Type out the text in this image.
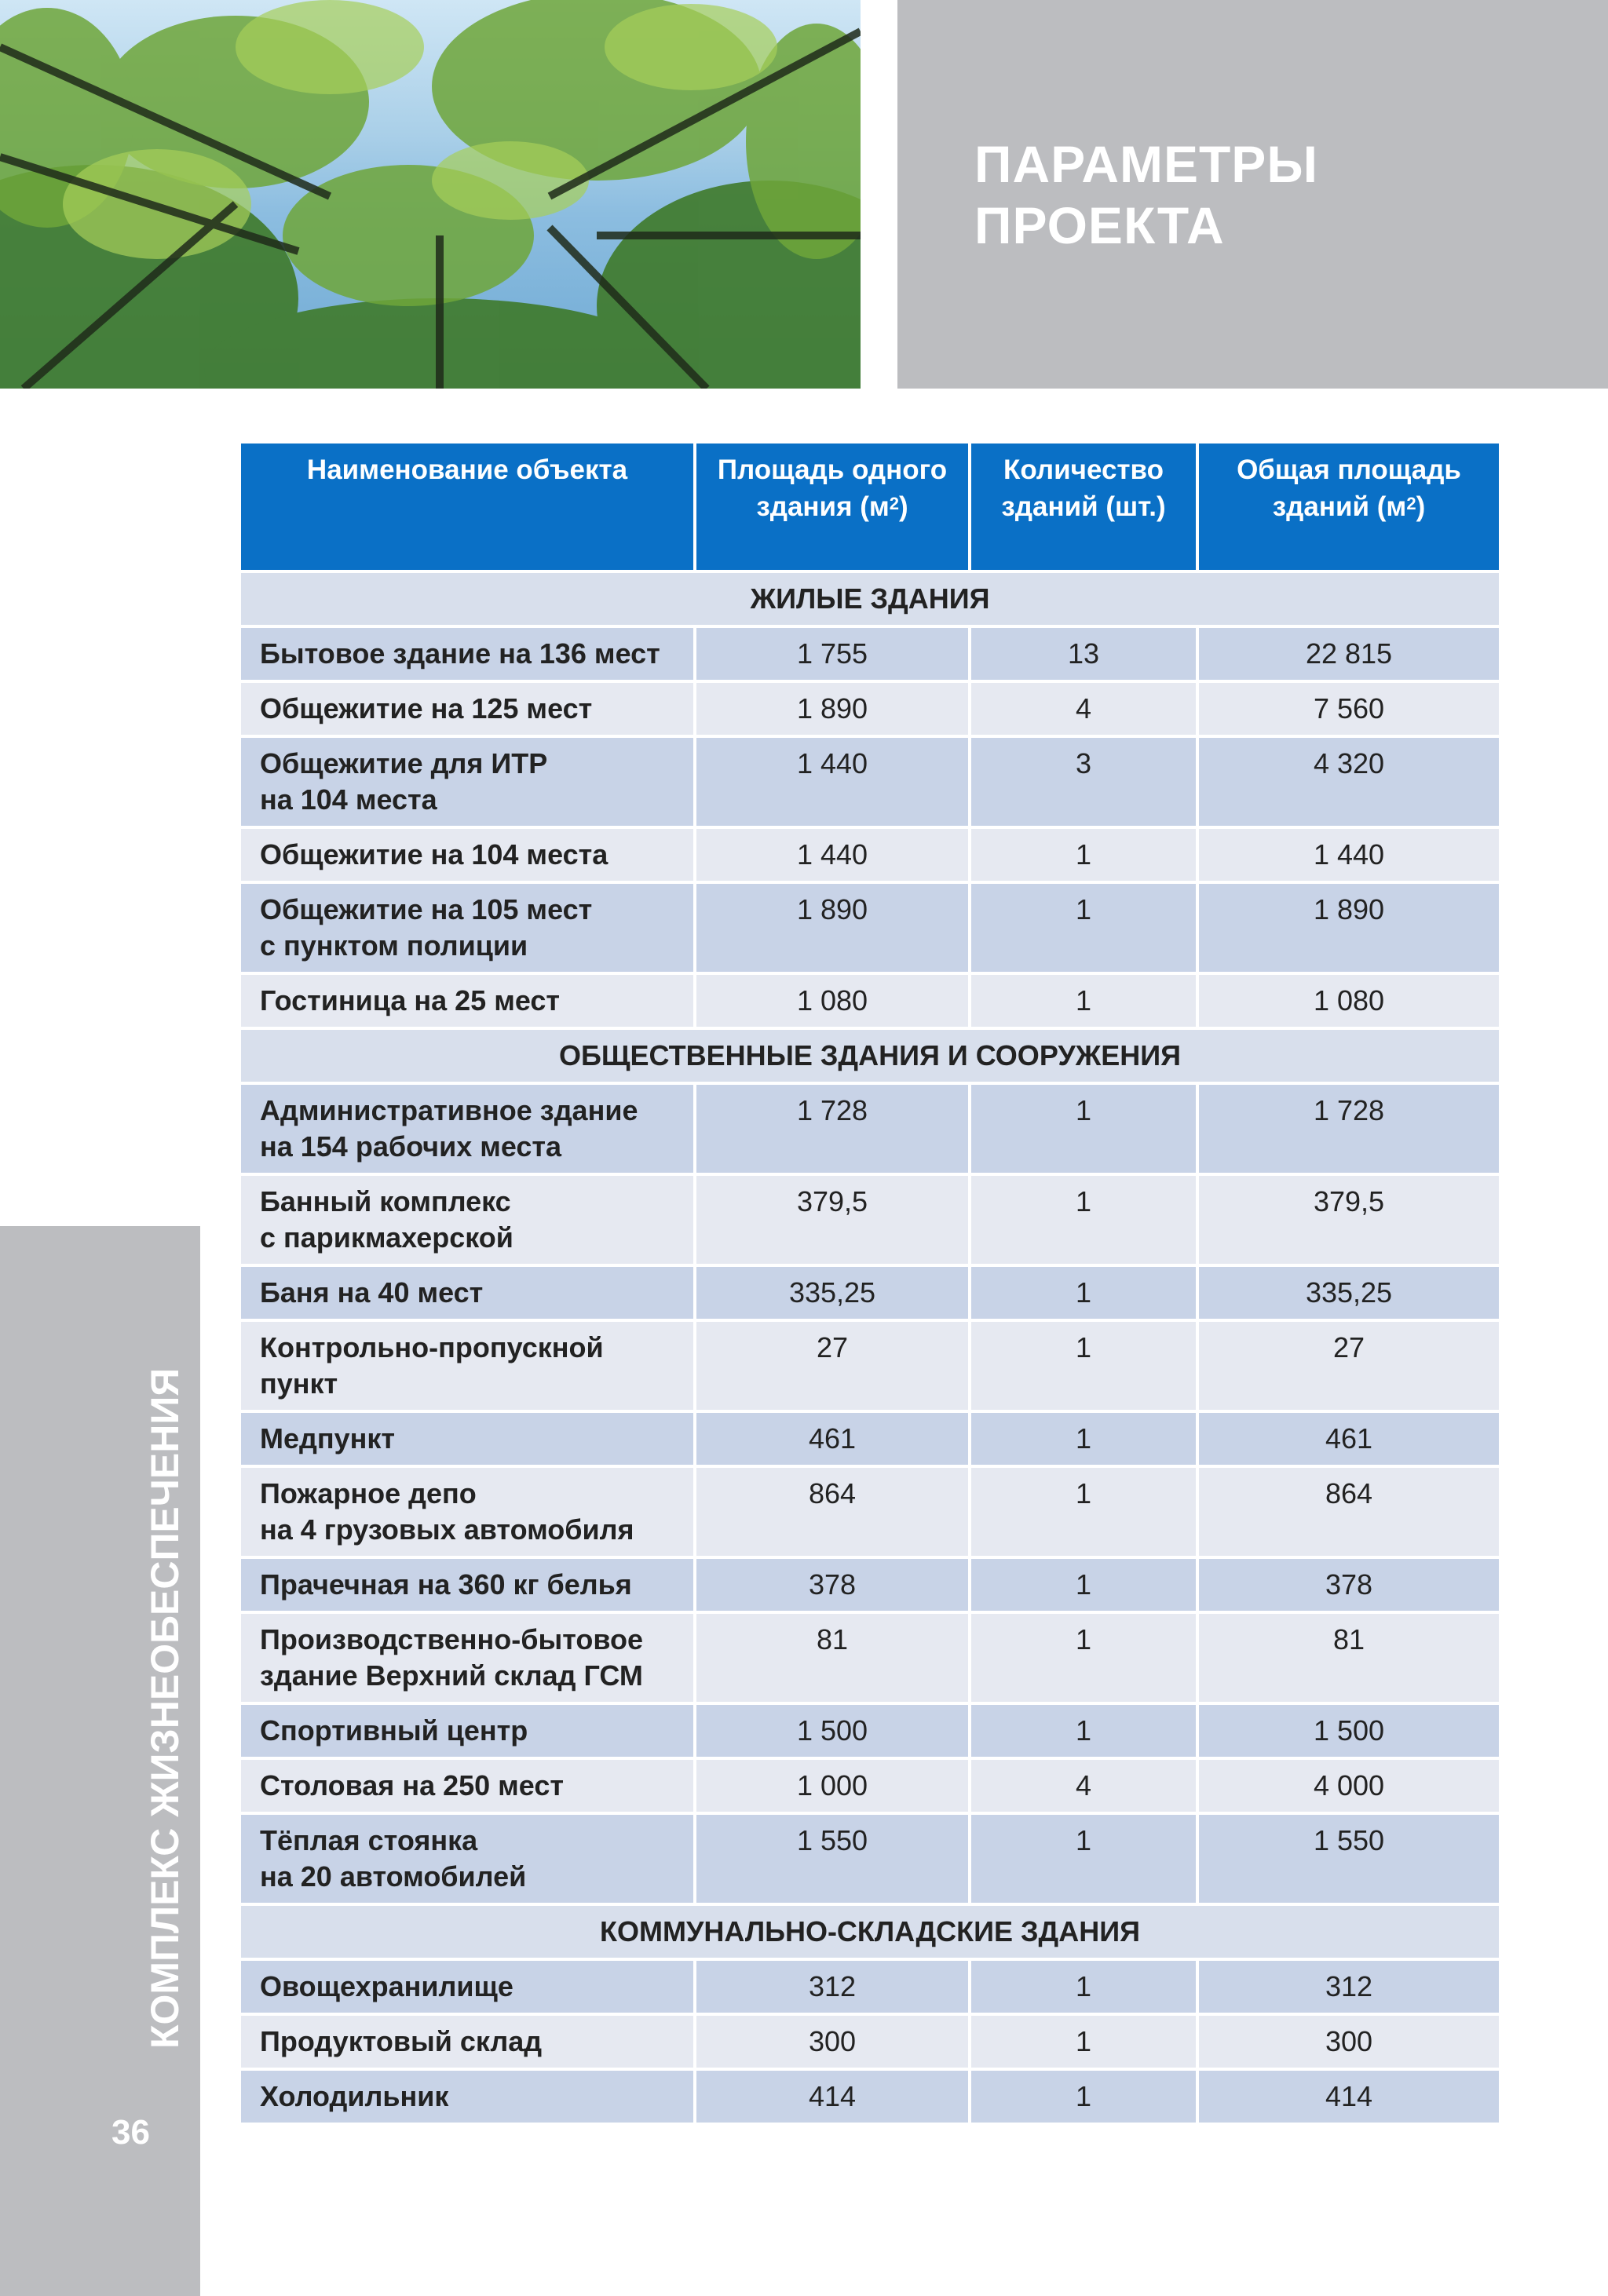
ПАРАМЕТРЫ
ПРОЕКТА
КОМПЛЕКС ЖИЗНЕОБЕСПЕЧЕНИЯ П. САБЕТТА
36
Наименование объекта	Площадь одного здания $(м^2)$	Количество зданий (шт.)	Общая площадь зданий $(м^2)$
ЖИЛЫЕ ЗДАНИЯ			
Бытовое здание на 136 мест	1 755	13	22 815
Общежитие на 125 мест	1 890	4	7 560
Общежитие для ИТР
на 104 места	1 440	3	4 320
Общежитие на 104 места	1 440	1	1 440
Общежитие на 105 мест
с пунктом полиции	1 890	1	1 890
Гостиница на 25 мест	1 080	1	1 080
ОБЩЕСТВЕННЫЕ ЗДАНИЯ И СООРУЖЕНИЯ			
Административное здание
на 154 рабочих места	1 728	1	1 728
Банный комплекс
с парикмахерской	379,5	1	379,5
Баня на 40 мест	335,25	1	335,25
Контрольно-пропускной
пункт	27	1	27
Медпункт	461	1	461
Пожарное депо
на 4 грузовых автомобиля	864	1	864
Прачечная на 360 кг белья	378	1	378
Производственно-бытовое
здание Верхний склад ГСМ	81	1	81
Спортивный центр	1 500	1	1 500
Столовая на 250 мест	1 000	4	4 000
Тёплая стоянка
на 20 автомобилей	1 550	1	1 550
КОММУНАЛЬНО-СКЛАДСКИЕ ЗДАНИЯ			
Овощехранилище	312	1	312
Продуктовый склад	300	1	300
Холодильник	414	1	414
